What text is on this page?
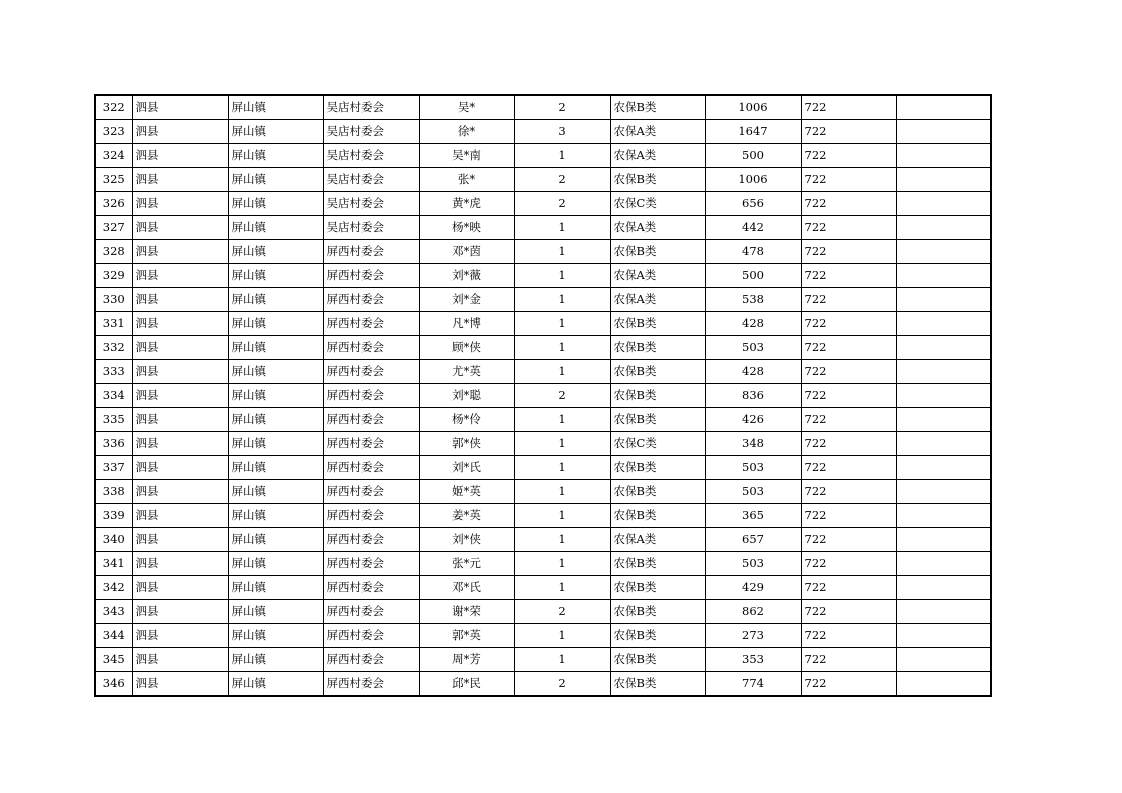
322	泗县	屏山镇	吴店村委会	吴*	2	农保B类	1006	722	
323	泗县	屏山镇	吴店村委会	徐*	3	农保A类	1647	722	
324	泗县	屏山镇	吴店村委会	吴*南	1	农保A类	500	722	
325	泗县	屏山镇	吴店村委会	张*	2	农保B类	1006	722	
326	泗县	屏山镇	吴店村委会	黄*虎	2	农保C类	656	722	
327	泗县	屏山镇	吴店村委会	杨*映	1	农保A类	442	722	
328	泗县	屏山镇	屏西村委会	邓*茵	1	农保B类	478	722	
329	泗县	屏山镇	屏西村委会	刘*薇	1	农保A类	500	722	
330	泗县	屏山镇	屏西村委会	刘*金	1	农保A类	538	722	
331	泗县	屏山镇	屏西村委会	凡*博	1	农保B类	428	722	
332	泗县	屏山镇	屏西村委会	顾*侠	1	农保B类	503	722	
333	泗县	屏山镇	屏西村委会	尤*英	1	农保B类	428	722	
334	泗县	屏山镇	屏西村委会	刘*聪	2	农保B类	836	722	
335	泗县	屏山镇	屏西村委会	杨*伶	1	农保B类	426	722	
336	泗县	屏山镇	屏西村委会	郭*侠	1	农保C类	348	722	
337	泗县	屏山镇	屏西村委会	刘*氏	1	农保B类	503	722	
338	泗县	屏山镇	屏西村委会	姬*英	1	农保B类	503	722	
339	泗县	屏山镇	屏西村委会	姜*英	1	农保B类	365	722	
340	泗县	屏山镇	屏西村委会	刘*侠	1	农保A类	657	722	
341	泗县	屏山镇	屏西村委会	张*元	1	农保B类	503	722	
342	泗县	屏山镇	屏西村委会	邓*氏	1	农保B类	429	722	
343	泗县	屏山镇	屏西村委会	谢*荣	2	农保B类	862	722	
344	泗县	屏山镇	屏西村委会	郭*英	1	农保B类	273	722	
345	泗县	屏山镇	屏西村委会	周*芳	1	农保B类	353	722	
346	泗县	屏山镇	屏西村委会	邱*民	2	农保B类	774	722	
